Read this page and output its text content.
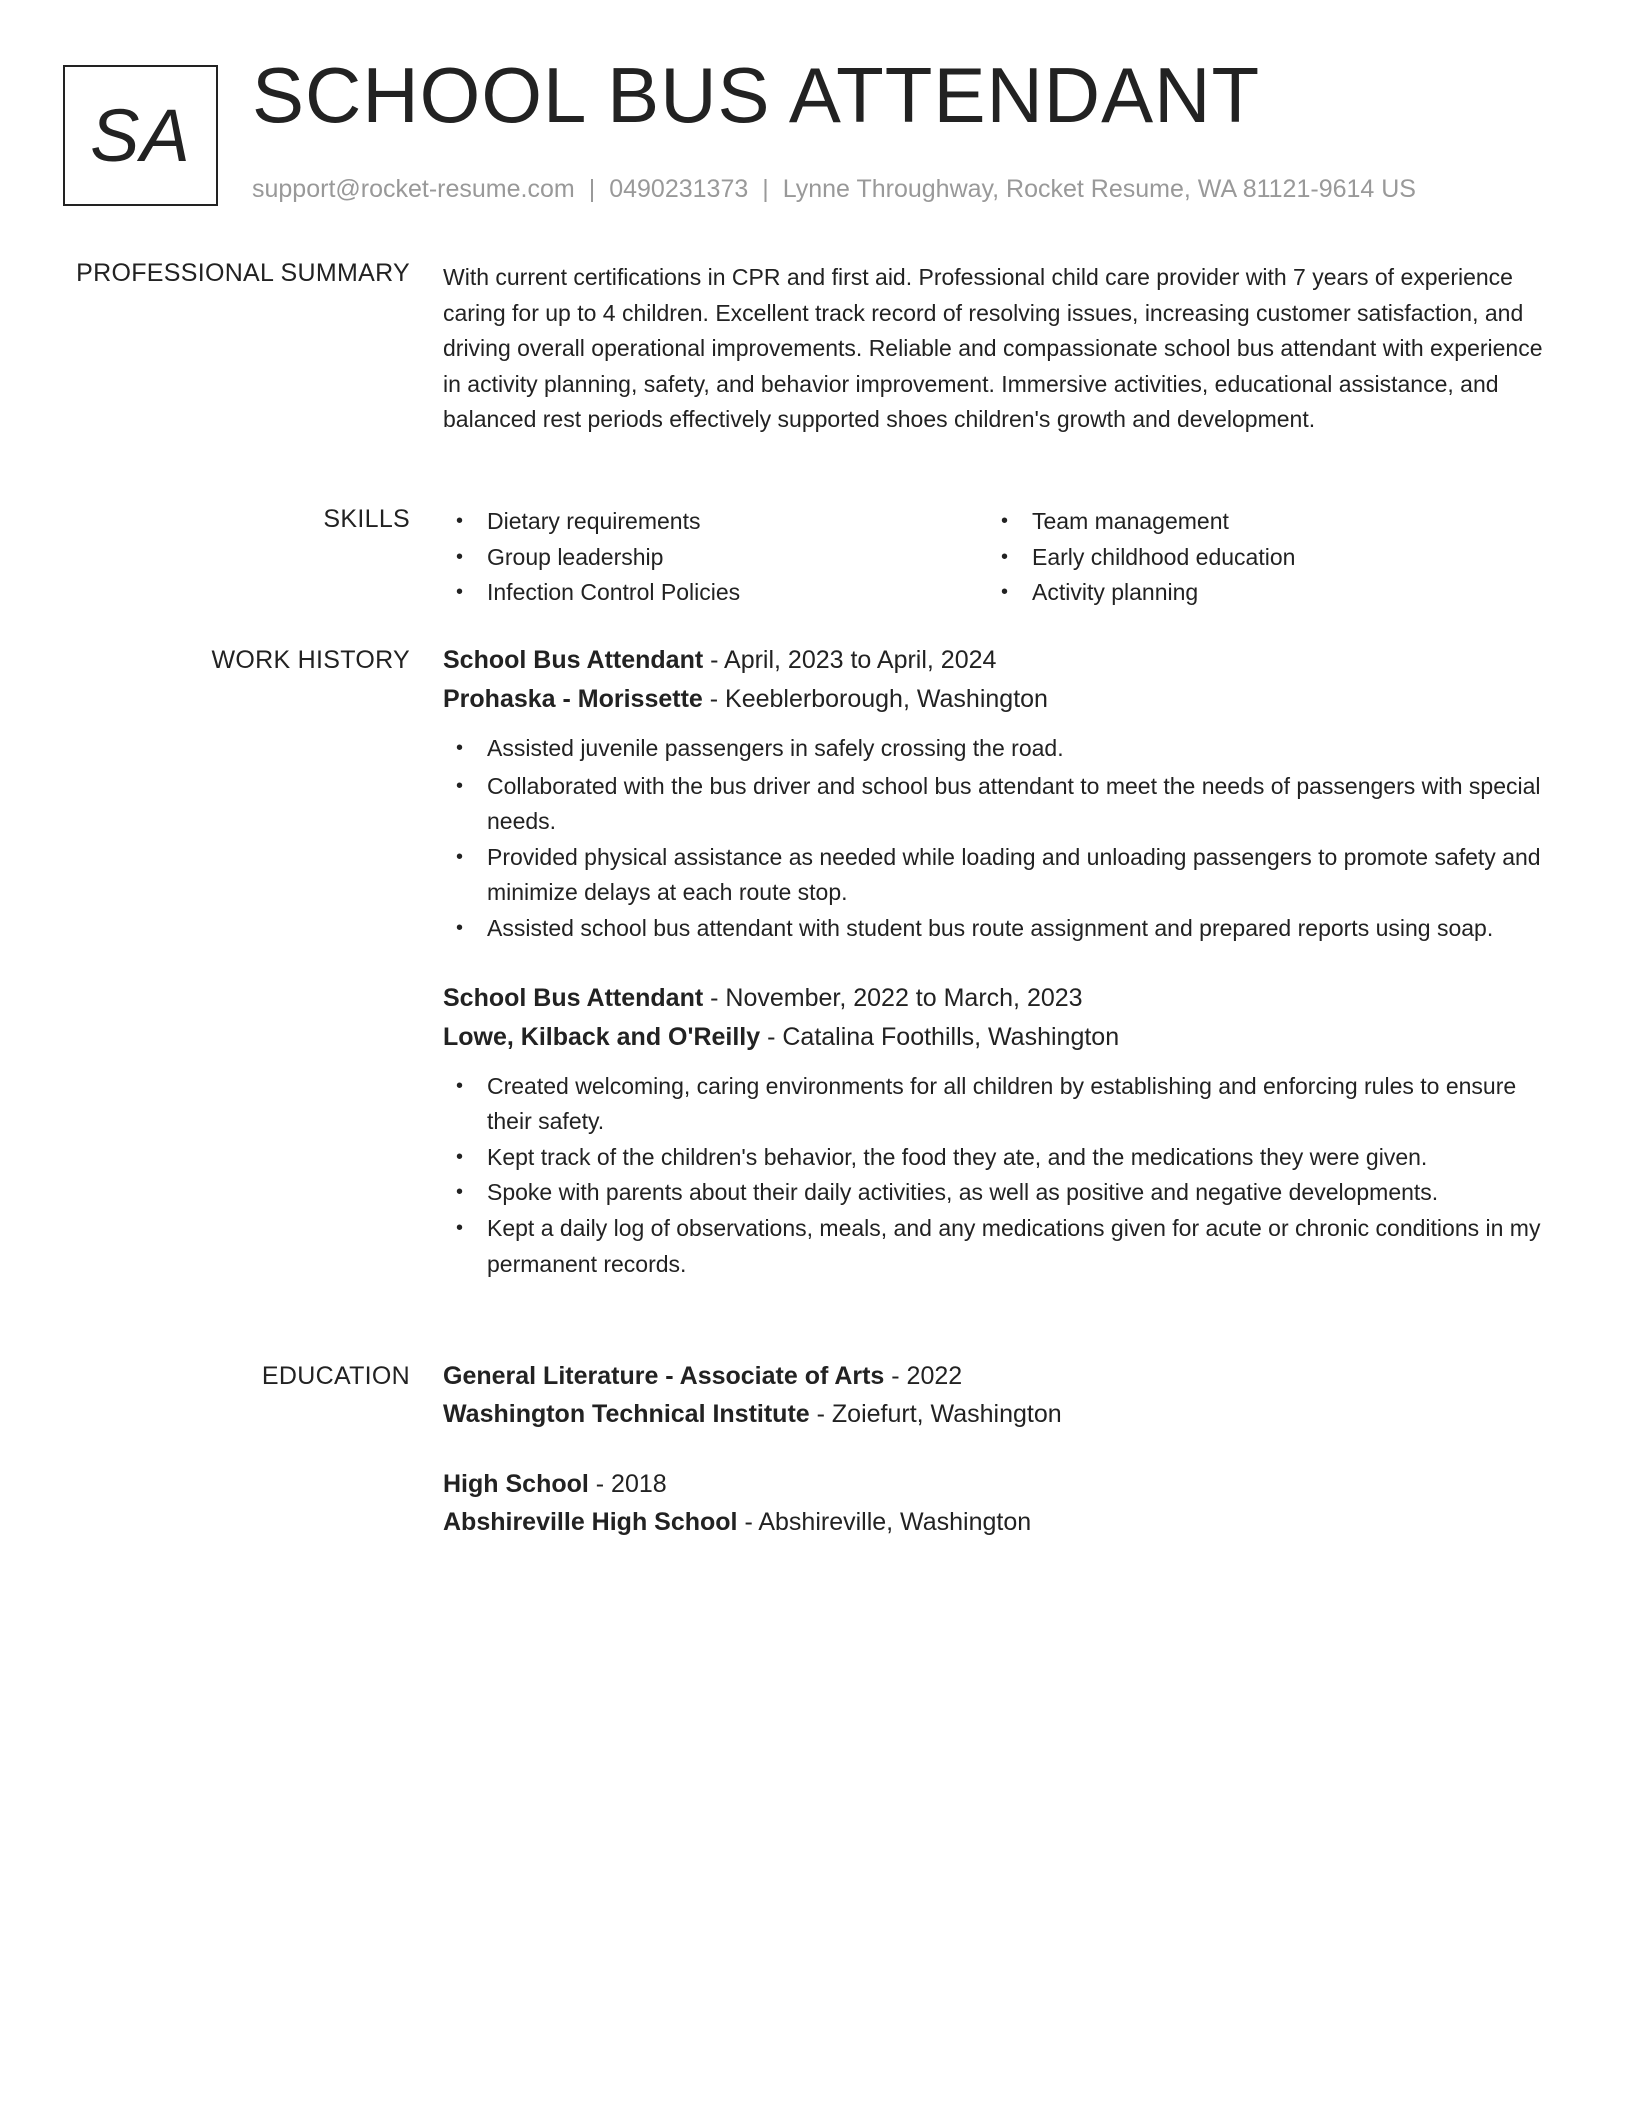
SA SCHOOL BUS ATTENDANT
support@rocket-resume.com | 0490231373 | Lynne Throughway, Rocket Resume, WA 81121-9614 US
PROFESSIONAL SUMMARY With current certifications in CPR and first aid. Professional child care provider with 7 years of experience caring for up to 4 children. Excellent track record of resolving issues, increasing customer satisfaction, and driving overall operational improvements. Reliable and compassionate school bus attendant with experience in activity planning, safety, and behavior improvement. Immersive activities, educational assistance, and balanced rest periods effectively supported shoes children's growth and development.

SKILLS
•	Dietary requirements
• Group leadership
• Infection Control Policies
• Team management
• Early childhood education
• Activity planning
WORK HISTORY School Bus Attendant - April, 2023 to April, 2024
Prohaska - Morissette - Keeblerborough, Washington
• Assisted juvenile passengers in safely crossing the road.
• Collaborated with the bus driver and school bus attendant to meet the needs of passengers with special needs.
• Provided physical assistance as needed while loading and unloading passengers to promote safety and minimize delays at each route stop.
• Assisted school bus attendant with student bus route assignment and prepared reports using soap.
School Bus Attendant - November, 2022 to March, 2023
Lowe, Kilback and O'Reilly - Catalina Foothills, Washington
• Created welcoming, caring environments for all children by establishing and enforcing rules to ensure their safety.
• Kept track of the children's behavior, the food they ate, and the medications they were given.
• Spoke with parents about their daily activities, as well as positive and negative developments.
• Kept a daily log of observations, meals, and any medications given for acute or chronic conditions in my permanent records.
EDUCATION General Literature - Associate of Arts - 2022
Washington Technical Institute - Zoiefurt, Washington
High School - 2018
Abshireville High School - Abshireville, Washington
